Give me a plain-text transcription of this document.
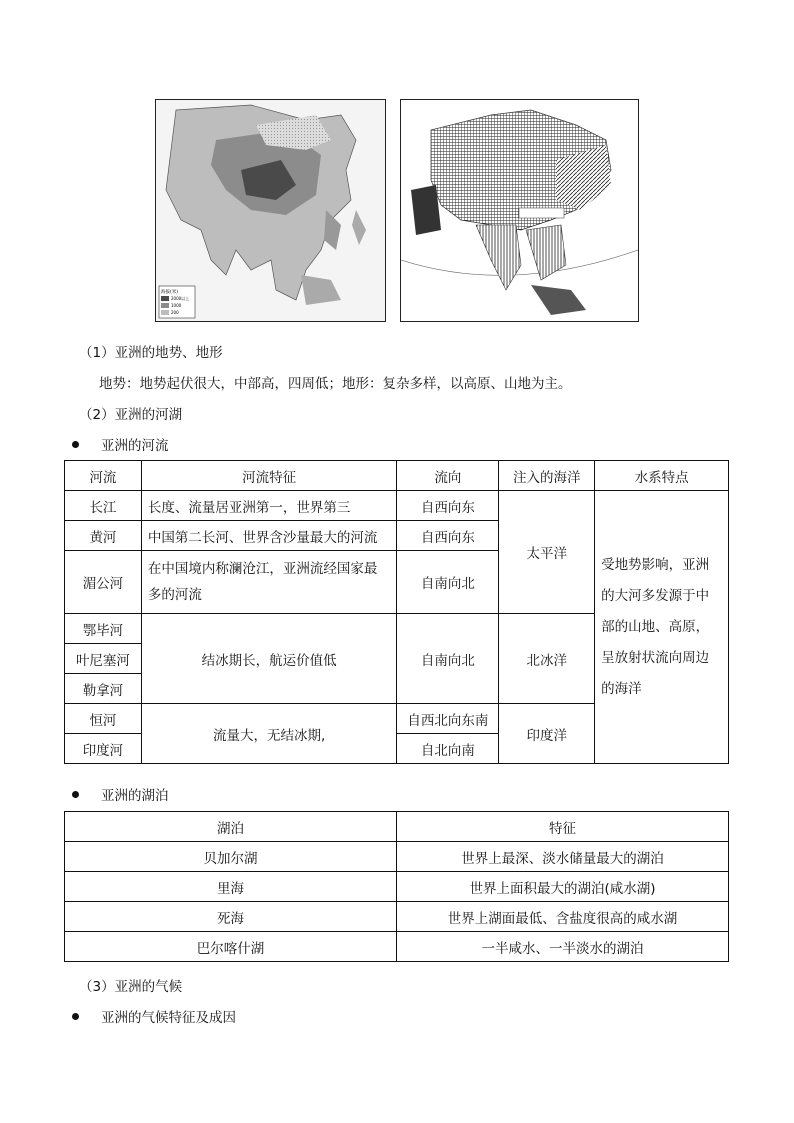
海拔(米)
2000以上
1000
200
（1）亚洲的地势、地形
地势：地势起伏很大，中部高，四周低；地形：复杂多样，以高原、山地为主。
（2）亚洲的河湖
亚洲的河流
河流	河流特征	流向	注入的海洋	水系特点
长江	长度、流量居亚洲第一，世界第三	自西向东	太平洋	受地势影响，亚洲的大河多发源于中部的山地、高原，呈放射状流向周边的海洋
黄河	中国第二长河、世界含沙量最大的河流	自西向东		
湄公河	在中国境内称澜沧江，亚洲流经国家最多的河流	自南向北		
鄂毕河	结冰期长，航运价值低	自南向北	北冰洋	
叶尼塞河				
勒拿河				
恒河	流量大，无结冰期,	自西北向东南	印度洋	
印度河		自北向南		
亚洲的湖泊
湖泊	特征
贝加尔湖	世界上最深、淡水储量最大的湖泊
里海	世界上面积最大的湖泊(咸水湖)
死海	世界上湖面最低、含盐度很高的咸水湖
巴尔喀什湖	一半咸水、一半淡水的湖泊
（3）亚洲的气候
亚洲的气候特征及成因
